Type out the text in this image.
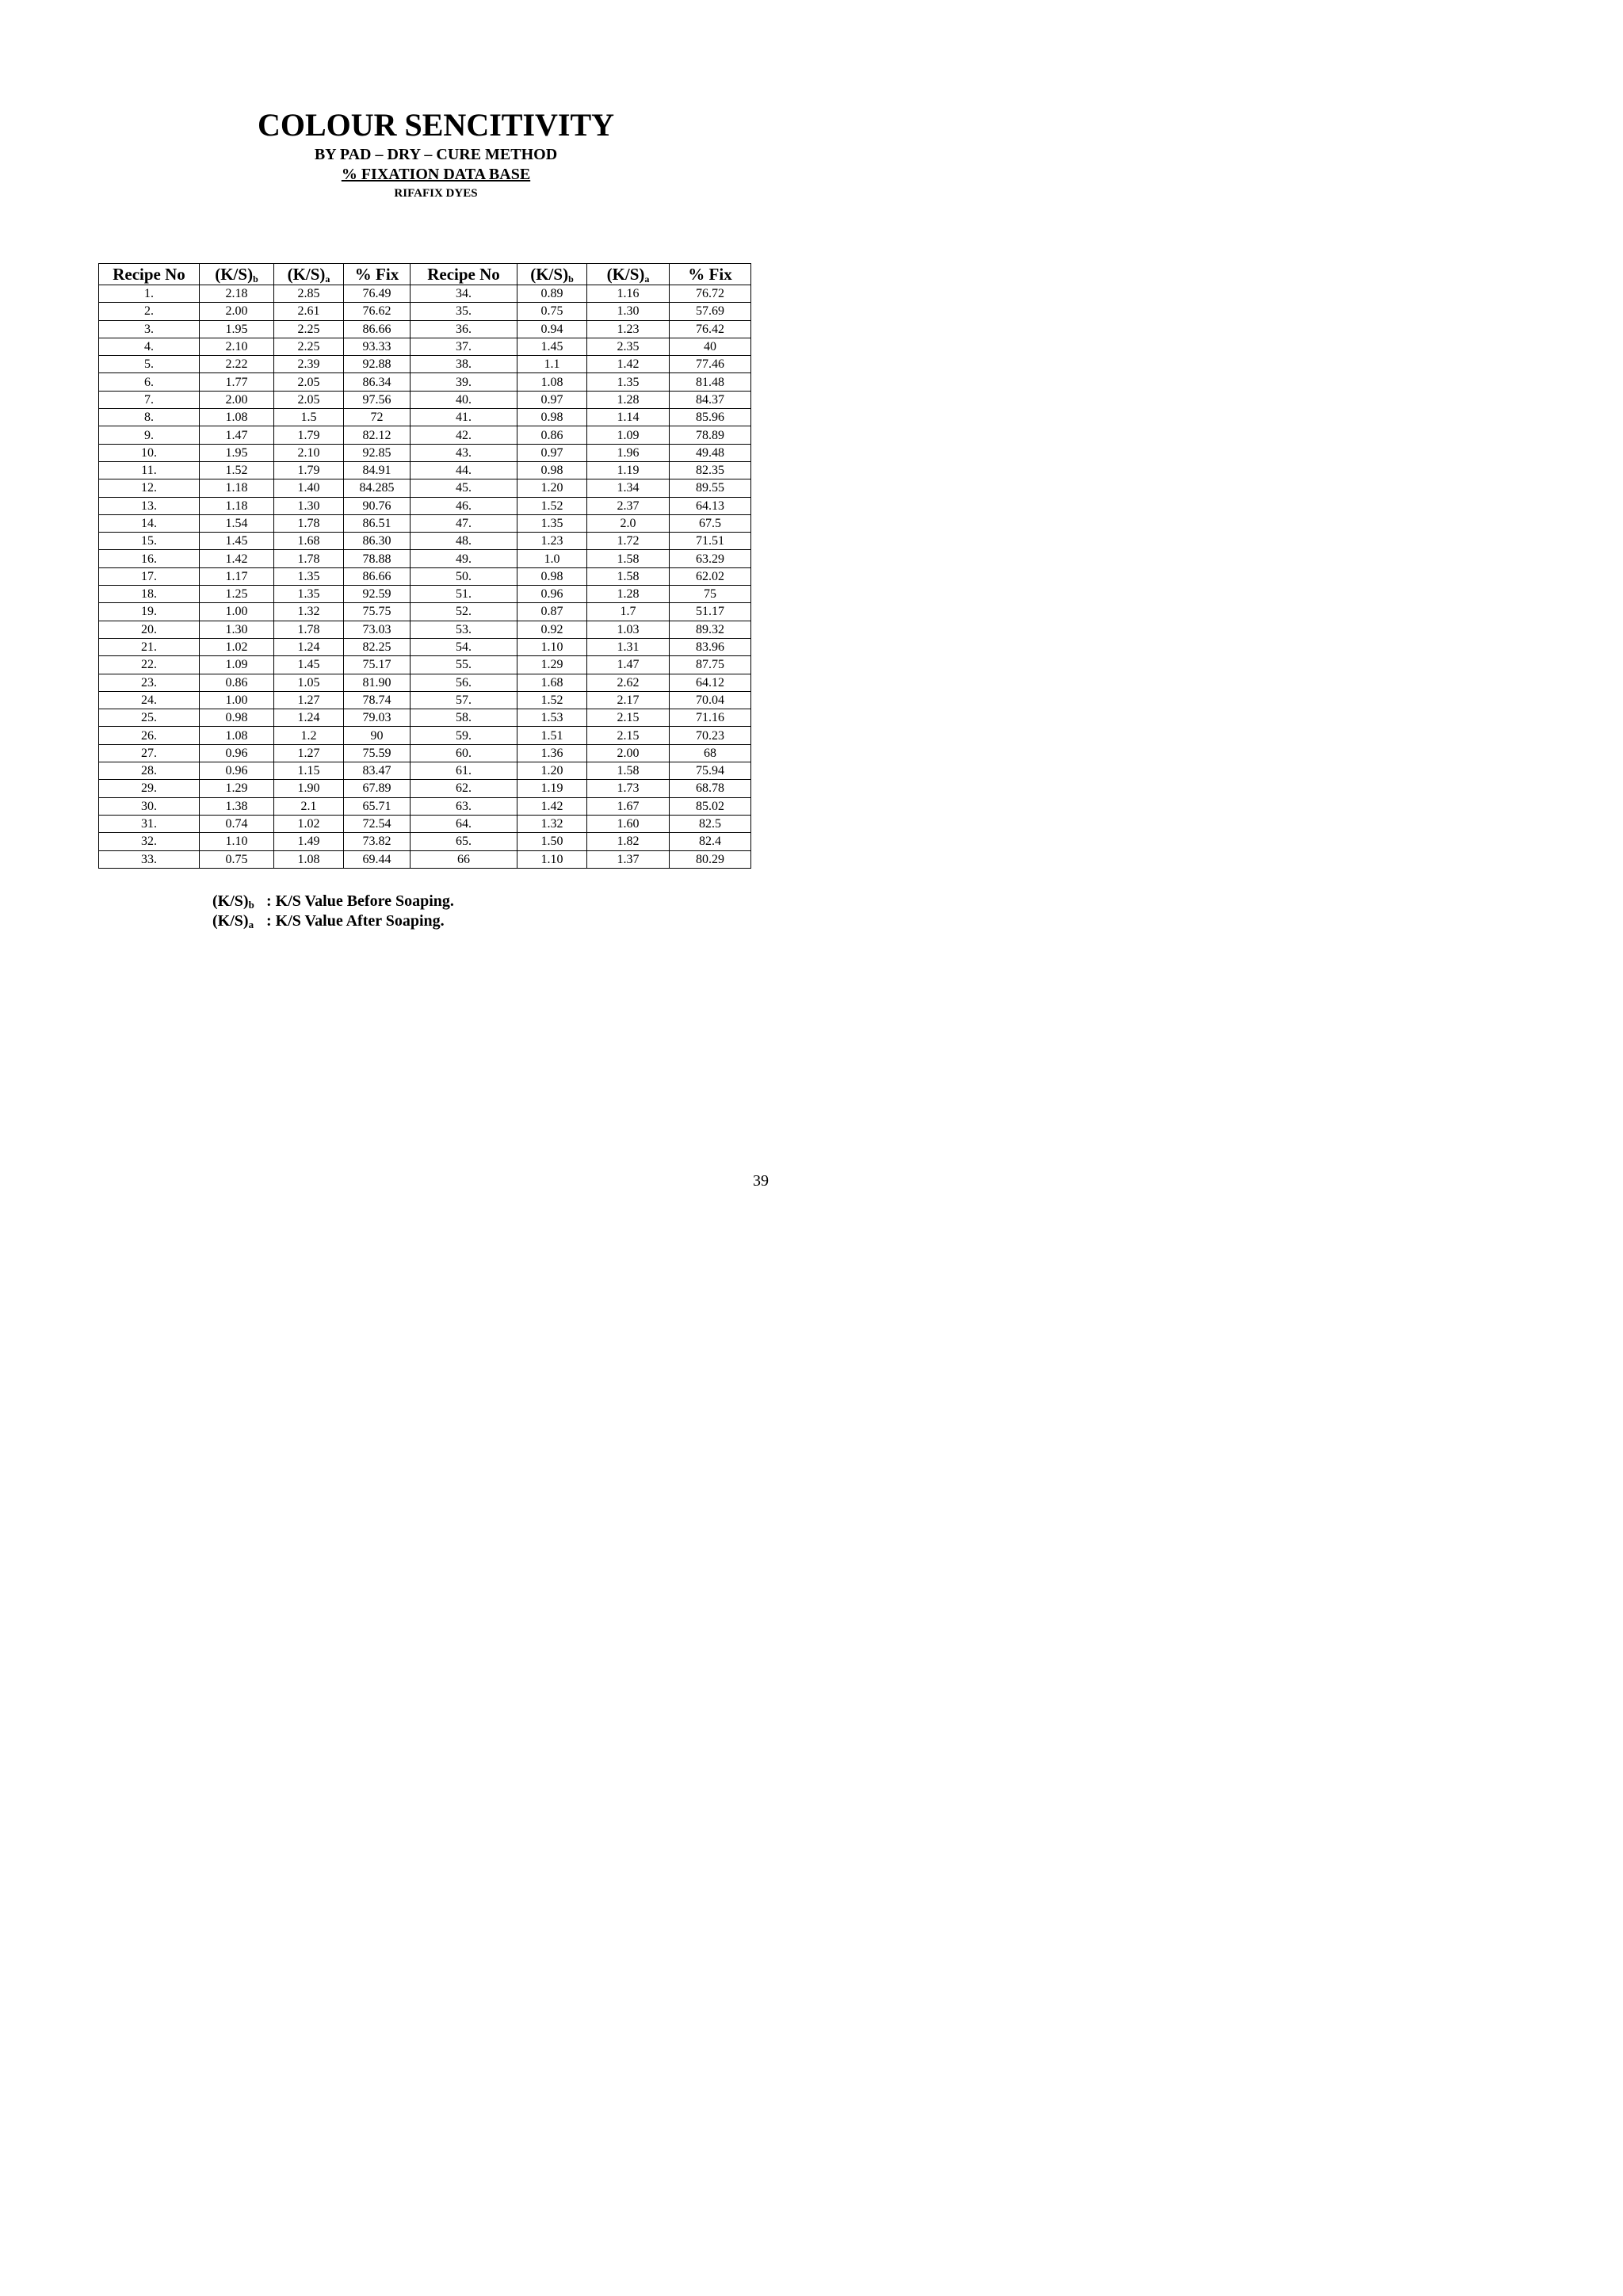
COLOUR SENCITIVITY
BY PAD – DRY – CURE METHOD
% FIXATION DATA BASE
RIFAFIX DYES
Recipe No	$(K/S)_b$	$(K/S)_a$	% Fix	Recipe No	$(K/S)_b$	$(K/S)_a$	% Fix
1.	2.18	2.85	76.49	34.	0.89	1.16	76.72
2.	2.00	2.61	76.62	35.	0.75	1.30	57.69
3.	1.95	2.25	86.66	36.	0.94	1.23	76.42
4.	2.10	2.25	93.33	37.	1.45	2.35	40
5.	2.22	2.39	92.88	38.	1.1	1.42	77.46
6.	1.77	2.05	86.34	39.	1.08	1.35	81.48
7.	2.00	2.05	97.56	40.	0.97	1.28	84.37
8.	1.08	1.5	72	41.	0.98	1.14	85.96
9.	1.47	1.79	82.12	42.	0.86	1.09	78.89
10.	1.95	2.10	92.85	43.	0.97	1.96	49.48
11.	1.52	1.79	84.91	44.	0.98	1.19	82.35
12.	1.18	1.40	84.285	45.	1.20	1.34	89.55
13.	1.18	1.30	90.76	46.	1.52	2.37	64.13
14.	1.54	1.78	86.51	47.	1.35	2.0	67.5
15.	1.45	1.68	86.30	48.	1.23	1.72	71.51
16.	1.42	1.78	78.88	49.	1.0	1.58	63.29
17.	1.17	1.35	86.66	50.	0.98	1.58	62.02
18.	1.25	1.35	92.59	51.	0.96	1.28	75
19.	1.00	1.32	75.75	52.	0.87	1.7	51.17
20.	1.30	1.78	73.03	53.	0.92	1.03	89.32
21.	1.02	1.24	82.25	54.	1.10	1.31	83.96
22.	1.09	1.45	75.17	55.	1.29	1.47	87.75
23.	0.86	1.05	81.90	56.	1.68	2.62	64.12
24.	1.00	1.27	78.74	57.	1.52	2.17	70.04
25.	0.98	1.24	79.03	58.	1.53	2.15	71.16
26.	1.08	1.2	90	59.	1.51	2.15	70.23
27.	0.96	1.27	75.59	60.	1.36	2.00	68
28.	0.96	1.15	83.47	61.	1.20	1.58	75.94
29.	1.29	1.90	67.89	62.	1.19	1.73	68.78
30.	1.38	2.1	65.71	63.	1.42	1.67	85.02
31.	0.74	1.02	72.54	64.	1.32	1.60	82.5
32.	1.10	1.49	73.82	65.	1.50	1.82	82.4
33.	0.75	1.08	69.44	66	1.10	1.37	80.29
$(K/S)_b$ : K/S Value Before Soaping.
$(K/S)_a$ : K/S Value After Soaping.
39
